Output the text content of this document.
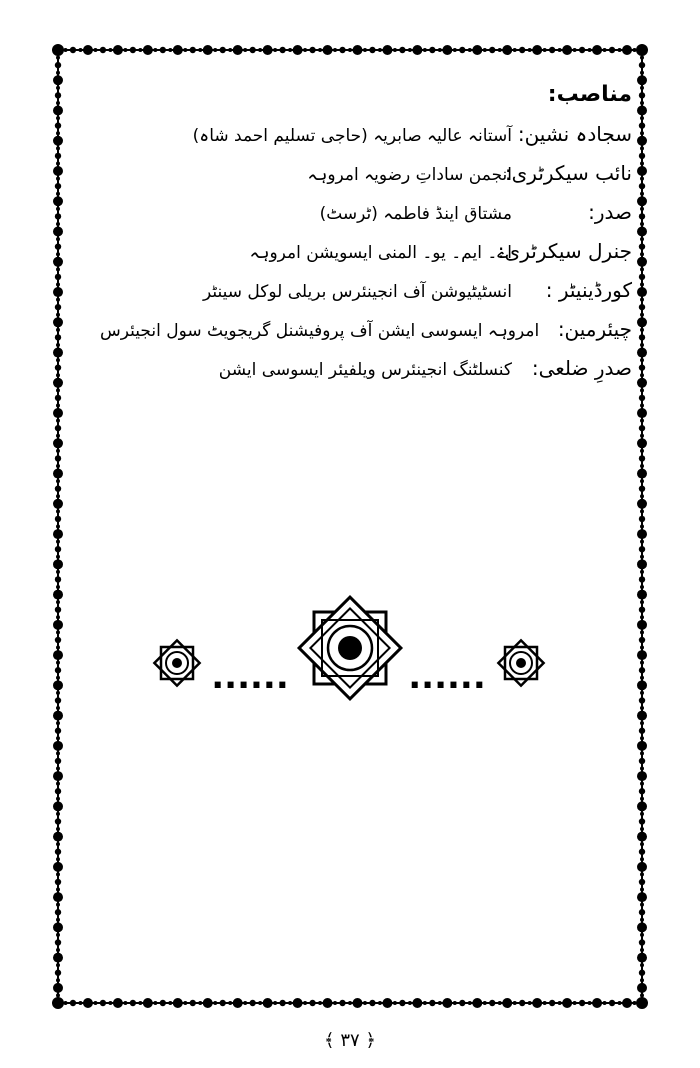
مناصب:
سجادہ نشین:
آستانہ عالیہ صابریہ (حاجی تسلیم احمد شاہ)
نائب سیکرٹری:
انجمن ساداتِ رضویہ امروہہ
صدر:
مشتاق اینڈ فاطمہ (ٹرسٹ)
جنرل سیکرٹری:
اے۔ ایم۔ یو۔ المنی ایسویشن امروہہ
کورڈینیٹر :
انسٹیٹیوشن آف انجینئرس بریلی لوکل سینٹر
چیئرمین:
امروہہ ایسوسی ایشن آف پروفیشنل گریجویٹ سول انجیئرس
صدرِ ضلعی:
کنسلٹنگ انجینئرس ویلفیئر ایسوسی ایشن
......	......
﴿ ۳۷ ﴾
